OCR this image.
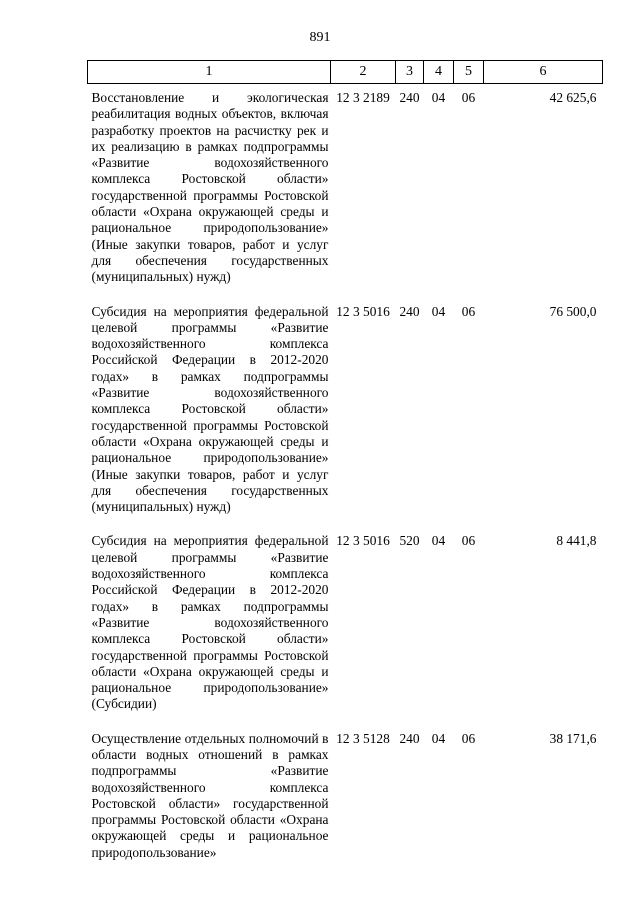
891
1	2	3	4	5	6
Восстановление и экологическая реабилитация водных объектов, включая разработку проектов на расчистку рек и их реализацию в рамках подпрограммы «Развитие водохозяйственного комплекса Ростовской области» государственной программы Ростовской области «Охрана окружающей среды и рациональное природопользование» (Иные закупки товаров, работ и услуг для обеспечения государственных (муниципальных) нужд)	12 3 2189	240	04	06	42 625,6
Субсидия на мероприятия федеральной целевой программы «Развитие водохозяйственного комплекса Российской Федерации в 2012-2020 годах» в рамках подпрограммы «Развитие водохозяйственного комплекса Ростовской области» государственной программы Ростовской области «Охрана окружающей среды и рациональное природопользование» (Иные закупки товаров, работ и услуг для обеспечения государственных (муниципальных) нужд)	12 3 5016	240	04	06	76 500,0
Субсидия на мероприятия федеральной целевой программы «Развитие водохозяйственного комплекса Российской Федерации в 2012-2020 годах» в рамках подпрограммы «Развитие водохозяйственного комплекса Ростовской области» государственной программы Ростовской области «Охрана окружающей среды и рациональное природопользование» (Субсидии)	12 3 5016	520	04	06	8 441,8
Осуществление отдельных полномочий в области водных отношений в рамках подпрограммы «Развитие водохозяйственного комплекса Ростовской области» государственной программы Ростовской области «Охрана окружающей среды и рациональное природопользование»	12 3 5128	240	04	06	38 171,6
